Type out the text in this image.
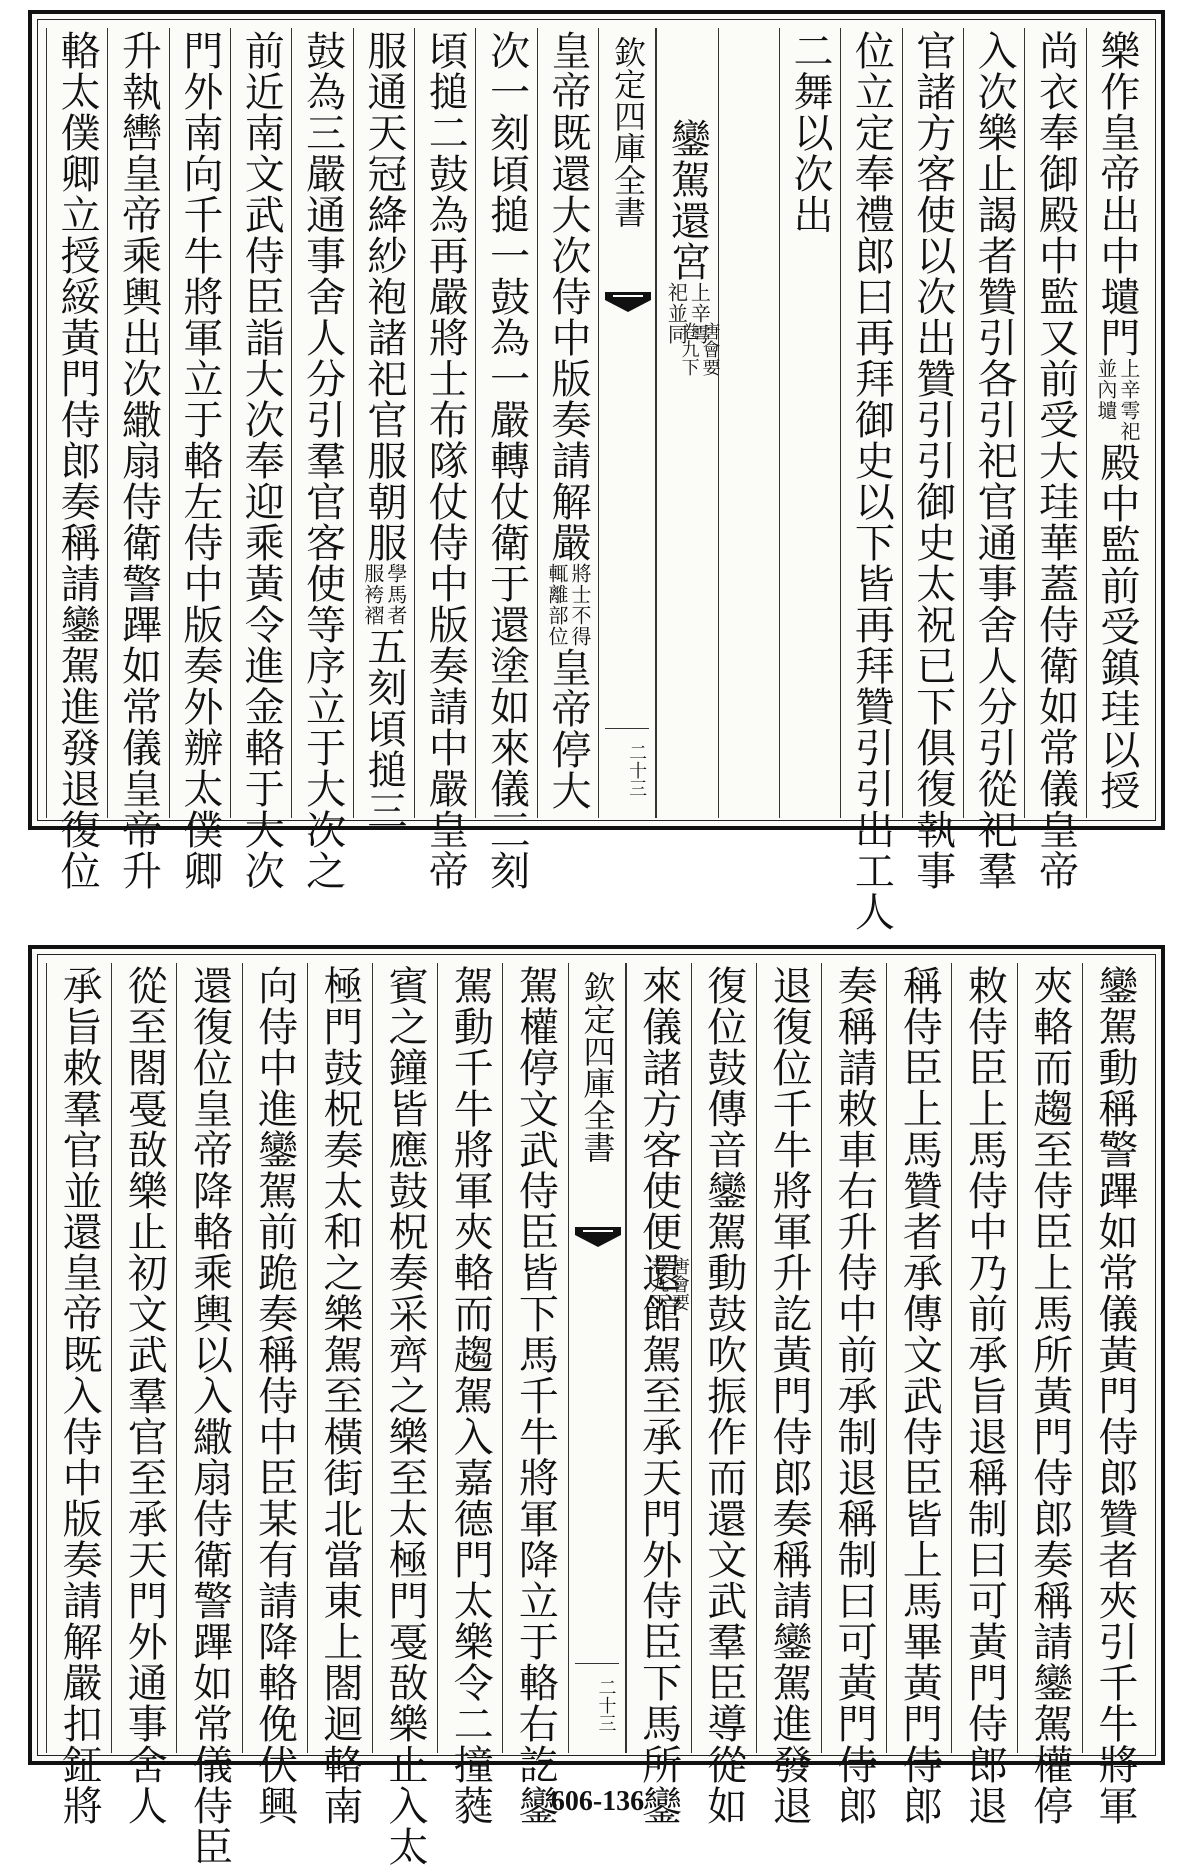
樂作皇帝出中壝門
上辛雩祀
並內壝
殿中監前受鎮珪以授
尚衣奉御殿中監又前受大珪華蓋侍衛如常儀皇帝
入次樂止謁者贊引各引祀官通事舍人分引從祀羣
官諸方客使以次出贊引引御史太祝已下俱復執事
位立定奉禮郎曰再拜御史以下皆再拜贊引引出工人
二舞以次出
鑾駕還宮
上辛雩
祀並同
欽定四庫全書
唐會要
卷九下
二十三
皇帝既還大次侍中版奏請解嚴
將士不得
輒離部位
皇帝停大
次一刻頃搥一鼓為一嚴轉仗衛于還塗如來儀三刻
頃搥二鼓為再嚴將士布隊仗侍中版奏請中嚴皇帝
服通天冠絳紗袍諸祀官服朝服
學馬者
服袴褶
五刻頃搥三
鼓為三嚴通事舍人分引羣官客使等序立于大次之
前近南文武侍臣詣大次奉迎乘黃令進金輅于大次
門外南向千牛將軍立于輅左侍中版奏外辦太僕卿
升執轡皇帝乘輿出次繖扇侍衛警蹕如常儀皇帝升
輅太僕卿立授綏黃門侍郎奏稱請鑾駕進發退復位
鑾駕動稱警蹕如常儀黃門侍郎贊者夾引千牛將軍
夾輅而趨至侍臣上馬所黃門侍郎奏稱請鑾駕權停
敕侍臣上馬侍中乃前承旨退稱制曰可黃門侍郎退
稱侍臣上馬贊者承傳文武侍臣皆上馬畢黃門侍郎
奏稱請敕車右升侍中前承制退稱制曰可黃門侍郎
退復位千牛將軍升訖黃門侍郎奏稱請鑾駕進發退
復位鼓傳音鑾駕動鼓吹振作而還文武羣臣導從如
來儀諸方客使便還館駕至承天門外侍臣下馬所鑾
欽定四庫全書
唐會要
卷九下
二十三
駕權停文武侍臣皆下馬千牛將軍降立于輅右訖鑾
駕動千牛將軍夾輅而趨駕入嘉德門太樂令二撞蕤
賓之鐘皆應鼓柷奏采齊之樂至太極門戞敔樂止入太
極門鼓柷奏太和之樂駕至橫街北當東上閤迴輅南
向侍中進鑾駕前跪奏稱侍中臣某有請降輅俛伏興
還復位皇帝降輅乘輿以入繖扇侍衛警蹕如常儀侍臣
從至閤戞敔樂止初文武羣官至承天門外通事舍人
承旨敕羣官並還皇帝既入侍中版奏請解嚴扣鉦將	606-136
